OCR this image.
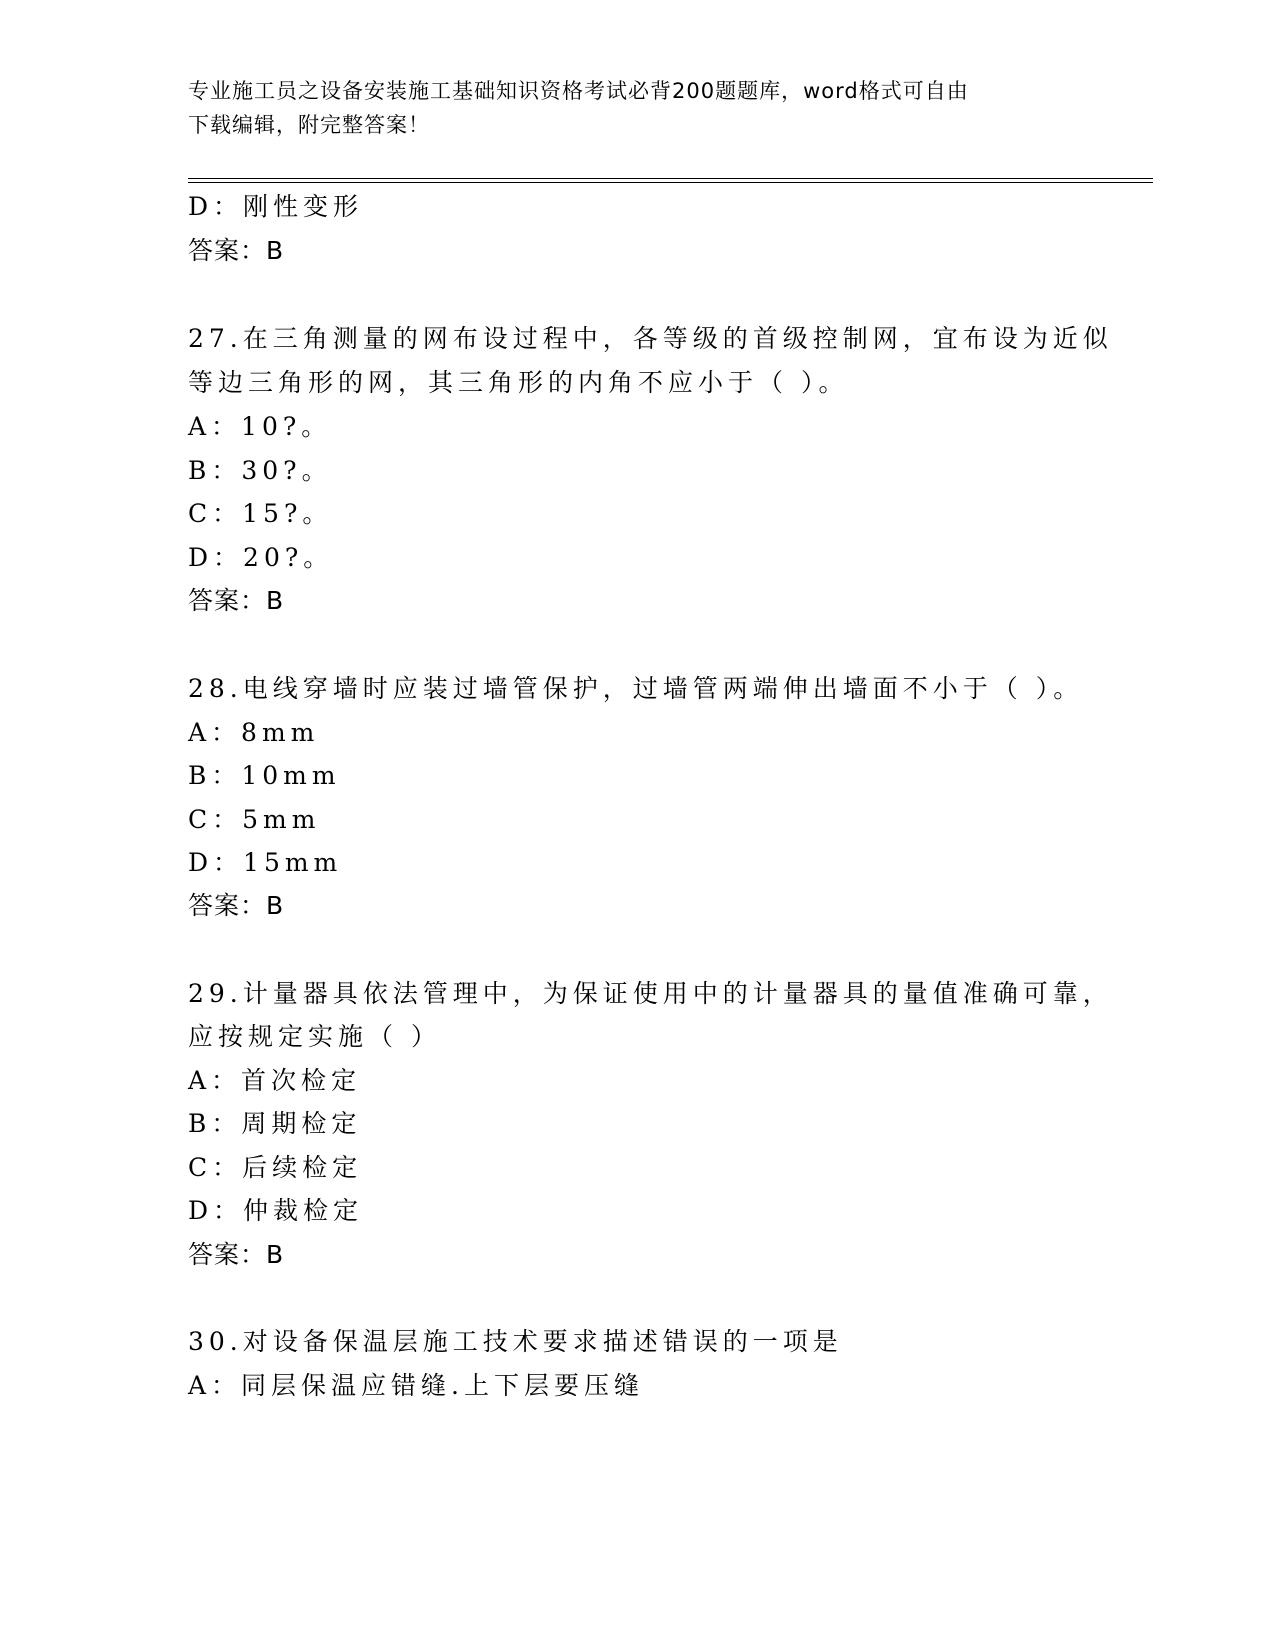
专业施工员之设备安装施工基础知识资格考试必背200题题库，word格式可自由
下载编辑，附完整答案！
D：刚性变形
答案：B
27.在三角测量的网布设过程中，各等级的首级控制网，宜布设为近似
等边三角形的网，其三角形的内角不应小于（ ）。
A：10?。
B：30?。
C：15?。
D：20?。
答案：B
28.电线穿墙时应装过墙管保护，过墙管两端伸出墙面不小于（ ）。
A：8mm
B：10mm
C：5mm
D：15mm
答案：B
29.计量器具依法管理中，为保证使用中的计量器具的量值准确可靠，
应按规定实施（ ）
A：首次检定
B：周期检定
C：后续检定
D：仲裁检定
答案：B
30.对设备保温层施工技术要求描述错误的一项是
A：同层保温应错缝.上下层要压缝
